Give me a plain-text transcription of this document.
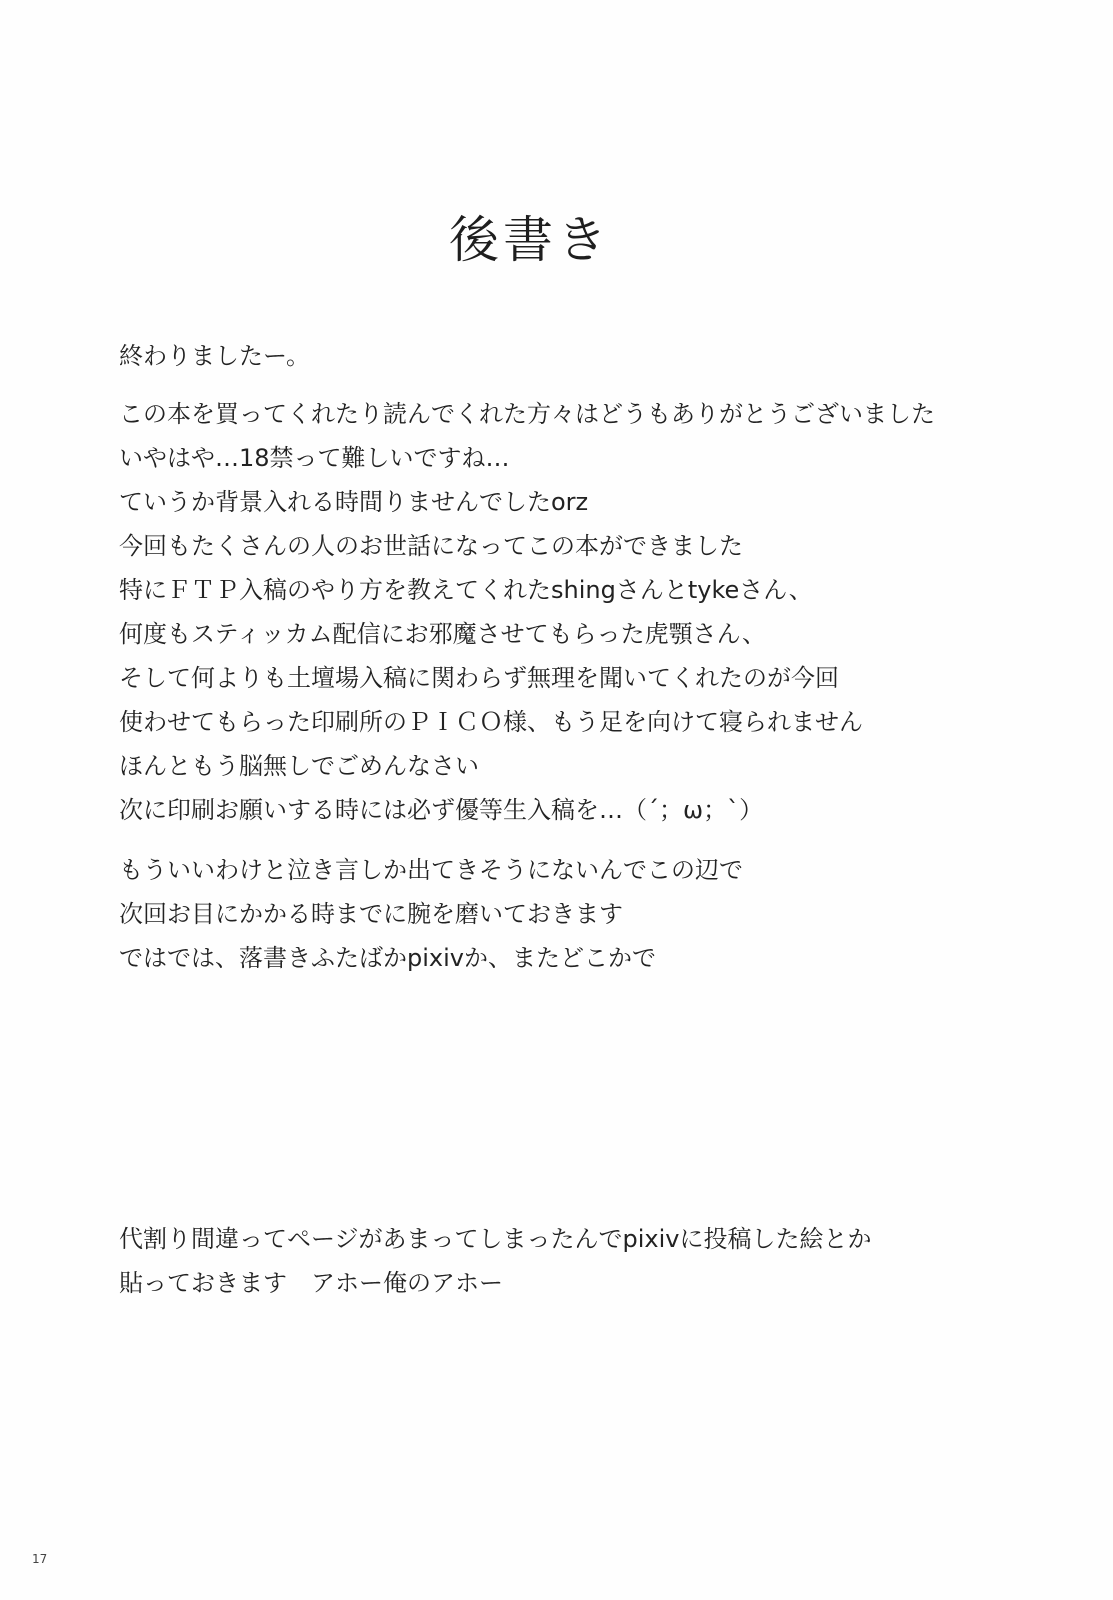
後書き
終わりましたー。
この本を買ってくれたり読んでくれた方々はどうもありがとうございました
いやはや…18禁って難しいですね…
ていうか背景入れる時間りませんでしたorz
今回もたくさんの人のお世話になってこの本ができました
特にＦＴＰ入稿のやり方を教えてくれたshingさんとtykeさん、
何度もスティッカム配信にお邪魔させてもらった虎顎さん、
そして何よりも土壇場入稿に関わらず無理を聞いてくれたのが今回
使わせてもらった印刷所のＰＩＣＯ様、もう足を向けて寝られません
ほんともう脳無しでごめんなさい
次に印刷お願いする時には必ず優等生入稿を…（´；ω；`）
もういいわけと泣き言しか出てきそうにないんでこの辺で
次回お目にかかる時までに腕を磨いておきます
ではでは、落書きふたばかpixivか、またどこかで
代割り間違ってページがあまってしまったんでpixivに投稿した絵とか
貼っておきます　アホー俺のアホー
17
